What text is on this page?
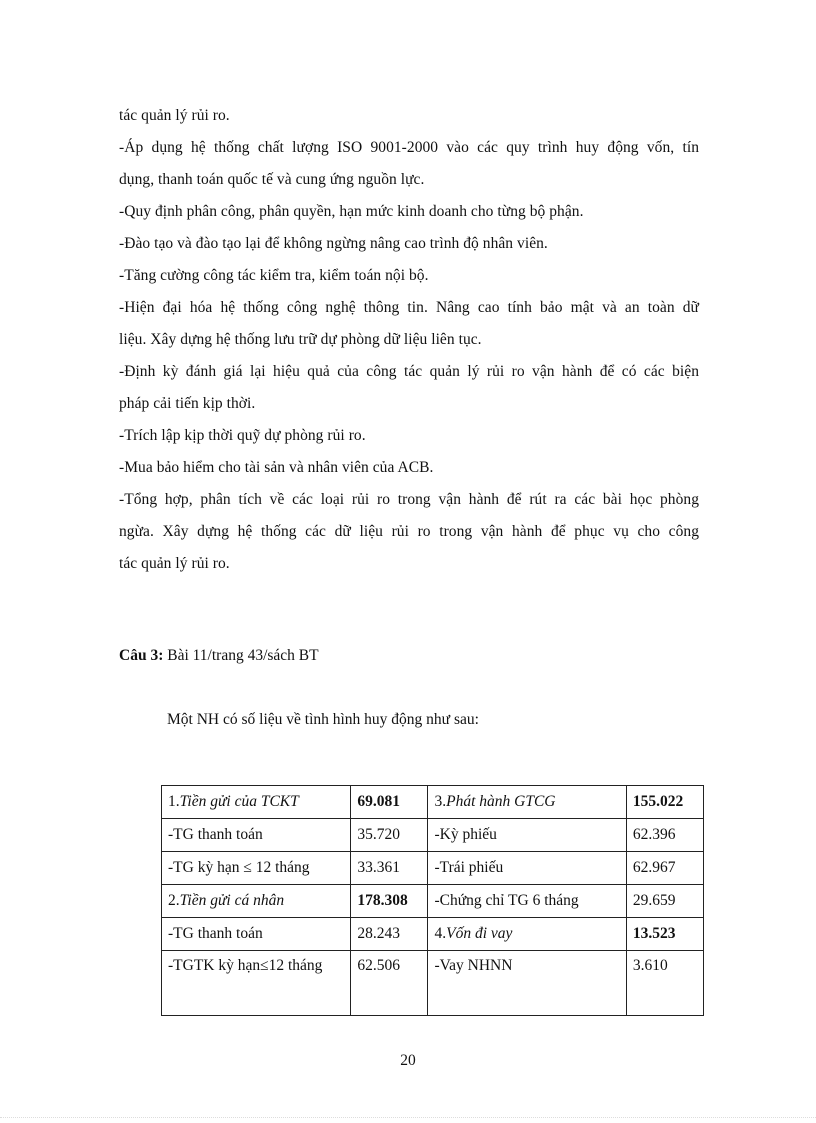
tác quản lý rủi ro.
-Áp dụng hệ thống chất lượng ISO 9001-2000 vào các quy trình huy động vốn, tín
dụng, thanh toán quốc tế và cung ứng nguồn lực.
-Quy định phân công, phân quyền, hạn mức kinh doanh cho từng bộ phận.
-Đào tạo và đào tạo lại để không ngừng nâng cao trình độ nhân viên.
-Tăng cường công tác kiểm tra, kiểm toán nội bộ.
-Hiện đại hóa hệ thống công nghệ thông tin. Nâng cao tính bảo mật và an toàn dữ
liệu. Xây dựng hệ thống lưu trữ dự phòng dữ liệu liên tục.
-Định kỳ đánh giá lại hiệu quả của công tác quản lý rủi ro vận hành để có các biện
pháp cải tiến kịp thời.
-Trích lập kịp thời quỹ dự phòng rủi ro.
-Mua bảo hiểm cho tài sản và nhân viên của ACB.
-Tổng hợp, phân tích về các loại rủi ro trong vận hành để rút ra các bài học phòng
ngừa. Xây dựng hệ thống các dữ liệu rủi ro trong vận hành để phục vụ cho công
tác quản lý rủi ro.
Câu 3: Bài 11/trang 43/sách BT
Một NH có số liệu về tình hình huy động như sau:
1.Tiền gửi của TCKT	69.081	3.Phát hành GTCG	155.022
-TG thanh toán	35.720	-Kỳ phiếu	62.396
-TG kỳ hạn ≤ 12 tháng	33.361	-Trái phiếu	62.967
2.Tiền gửi cá nhân	178.308	-Chứng chỉ TG 6 tháng	29.659
-TG thanh toán	28.243	4.Vốn đi vay	13.523
-TGTK kỳ hạn≤12 tháng	62.506	-Vay NHNN	3.610
20
